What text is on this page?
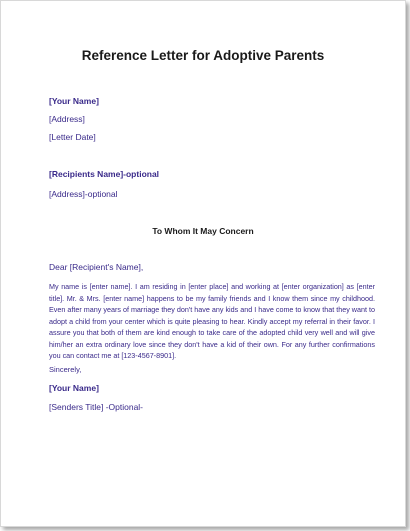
Reference Letter for Adoptive Parents
[Your Name]
[Address]
[Letter Date]
[Recipients Name]-optional
[Address]-optional
To Whom It May Concern
Dear [Recipient's Name],
My name is [enter name]. I am residing in [enter place] and working at [enter organization] as [enter title]. Mr. & Mrs. [enter name] happens to be my family friends and I know them since my childhood. Even after many years of marriage they don't have any kids and I have come to know that they want to adopt a child from your center which is quite pleasing to hear. Kindly accept my referral in their favor. I assure you that both of them are kind enough to take care of the adopted child very well and will give him/her an extra ordinary love since they don't have a kid of their own. For any further confirmations you can contact me at [123-4567-8901].
Sincerely,
[Your Name]
[Senders Title] -Optional-
